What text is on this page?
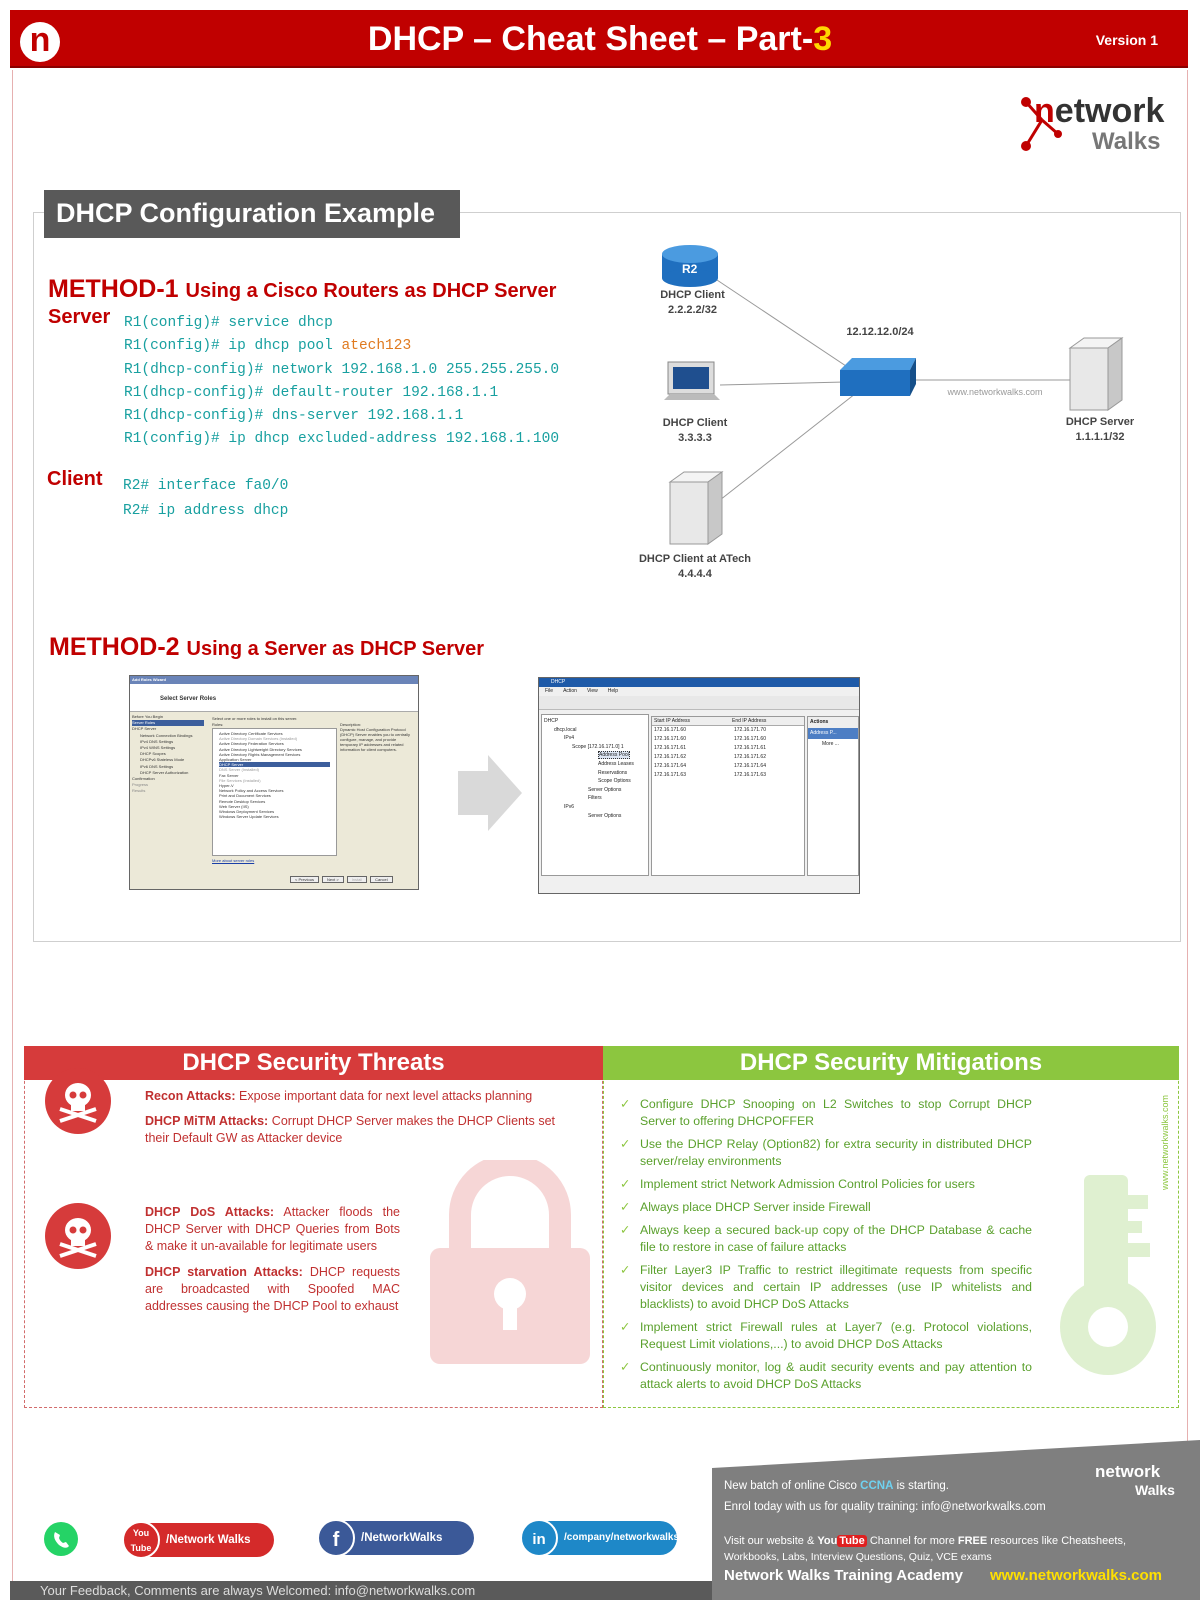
n	DHCP – Cheat Sheet – Part-3	Version 1
network
Walks
DHCP Configuration Example
METHOD-1 Using a Cisco Routers as DHCP Server
Server R1(config)# service dhcp
R1(config)# ip dhcp pool atech123
R1(dhcp-config)# network 192.168.1.0 255.255.255.0
R1(dhcp-config)# default-router 192.168.1.1
R1(dhcp-config)# dns-server 192.168.1.1
R1(config)# ip dhcp excluded-address 192.168.1.100
Client R2# interface fa0/0
R2# ip address dhcp
R2
DHCP Client
2.2.2.2/32
DHCP Client
3.3.3.3
DHCP Client at ATech
4.4.4.4
DHCP Server
1.1.1.1/32
12.12.12.0/24
www.networkwalks.com
METHOD-2 Using a Server as DHCP Server
Add Roles Wizard
Select Server Roles
Before You Begin
Server Roles
DHCP Server
Network Connection Bindings
IPv4 DNS Settings
IPv4 WINS Settings
DHCP Scopes
DHCPv6 Stateless Mode
IPv6 DNS Settings
DHCP Server Authorization
Confirmation
Progress
Results
Select one or more roles to install on this server.
Roles:
Active Directory Certificate Services
Active Directory Domain Services (Installed)
Active Directory Federation Services
Active Directory Lightweight Directory Services
Active Directory Rights Management Services
Application Server
DHCP Server
DNS Server (Installed)
Fax Server
File Services (Installed)
Hyper-V
Network Policy and Access Services
Print and Document Services
Remote Desktop Services
Web Server (IIS)
Windows Deployment Services
Windows Server Update Services
Description:
Dynamic Host Configuration Protocol (DHCP) Server enables you to centrally configure, manage, and provide temporary IP addresses and related information for client computers.
More about server roles
< Previous	Next >	Install	Cancel
DHCP
File Action View Help
DHCP
dhcp.local
IPv4
Scope [172.16.171.0] 1
Address Pool
Address Leases
Reservations
Scope Options
Server Options
Filters
IPv6
Server Options
Start IP Address	End IP Address
172.16.171.60	172.16.171.70
172.16.171.60	172.16.171.60
172.16.171.61	172.16.171.61
172.16.171.62	172.16.171.62
172.16.171.64	172.16.171.64
172.16.171.63	172.16.171.63
Actions
Address P...
More ...
DHCP Security Threats
Recon Attacks: Expose important data for next level attacks planning
DHCP MiTM Attacks: Corrupt DHCP Server makes the DHCP Clients set their Default GW as Attacker device
DHCP DoS Attacks: Attacker floods the DHCP Server with DHCP Queries from Bots & make it un-available for legitimate users
DHCP starvation Attacks: DHCP requests are broadcasted with Spoofed MAC addresses causing the DHCP Pool to exhaust
DHCP Security Mitigations
✓ Configure DHCP Snooping on L2 Switches to stop Corrupt DHCP Server to offering DHCPOFFER
✓ Use the DHCP Relay (Option82) for extra security in distributed DHCP server/relay environments
✓ Implement strict Network Admission Control Policies for users
✓ Always place DHCP Server inside Firewall
✓ Always keep a secured back-up copy of the DHCP Database & cache file to restore in case of failure attacks
✓ Filter Layer3 IP Traffic to restrict illegitimate requests from specific visitor devices and certain IP addresses (use IP whitelists and blacklists) to avoid DHCP DoS Attacks
✓ Implement strict Firewall rules at Layer7 (e.g. Protocol violations, Request Limit violations,...) to avoid DHCP DoS Attacks
✓ Continuously monitor, log & audit security events and pay attention to attack alerts to avoid DHCP DoS Attacks
www.networkwalks.com
New batch of online Cisco CCNA is starting.
Enrol today with us for quality training: info@networkwalks.com
Visit our website & You Tube Channel for more FREE resources like Cheatsheets,
Workbooks, Labs, Interview Questions, Quiz, VCE exams
Network Walks Training Academy www.networkwalks.com
network
Walks
You Tube
/Network Walks	f	/NetworkWalks	in	/company/networkwalks
Your Feedback, Comments are always Welcomed: info@networkwalks.com
